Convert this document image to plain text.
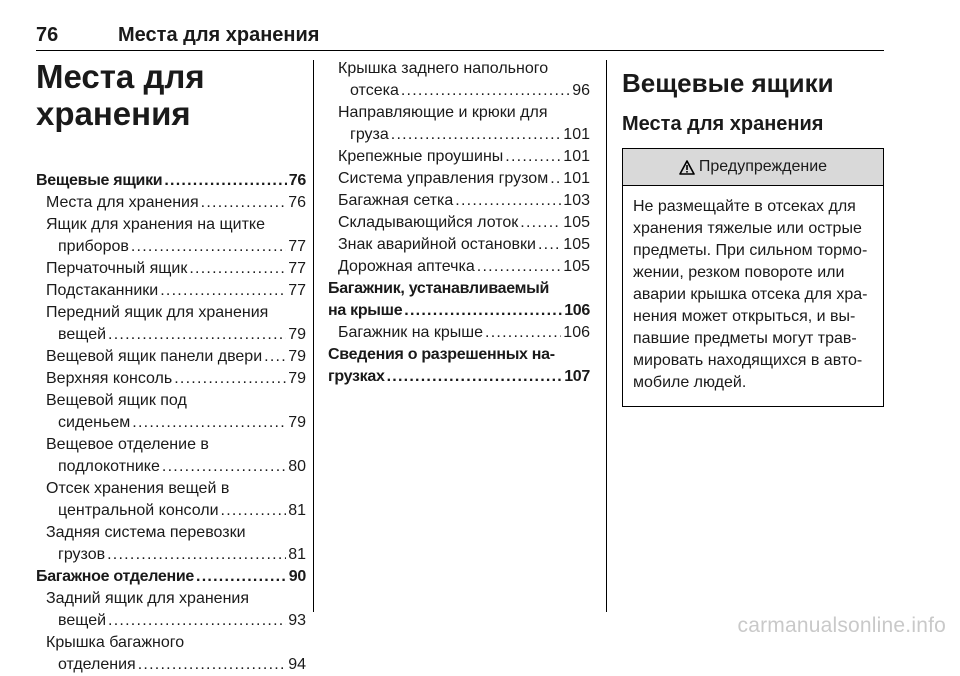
76	Места для хранения
Места для
хранения
Вещевые ящики . . .	76
Места для хранения . . .	76
Ящик для хранения на щитке
приборов . . .	77
Перчаточный ящик . . .	77
Подстаканники . . .	77
Передний ящик для хранения
вещей . . .	79
Вещевой ящик панели двери . . . 79
Верхняя консоль . . .	79
Вещевой ящик под
сиденьем . . .	79
Вещевое отделение в
подлокотнике . . .	80
Отсек хранения вещей в
центральной консоли . . .	81
Задняя система перевозки
грузов . . .	81
Багажное отделение . . .	90
Задний ящик для хранения
вещей . . .	93
Крышка багажного
отделения . . .	94
Крышка заднего напольного
отсека . . .	96
Направляющие и крюки для
груза . . .	101
Крепежные проушины . . .	101
Система управления грузом . . . 101
Багажная сетка . . .	103
Складывающийся лоток . . .	105
Знак аварийной остановки . . . 105
Дорожная аптечка . . .	105
Багажник, устанавливаемый
на крыше . . .	106
Багажник на крыше . . .	106
Сведения о разрешенных на-
грузках . . .	107
Вещевые ящики
Места для хранения
Предупреждение
Не размещайте в отсеках для
хранения тяжелые или острые
предметы. При сильном тормо-
жении, резком повороте или
аварии крышка отсека для хра-
нения может открыться, и вы-
павшие предметы могут трав-
мировать находящихся в авто-
мобиле людей.
carmanualsonline.info
